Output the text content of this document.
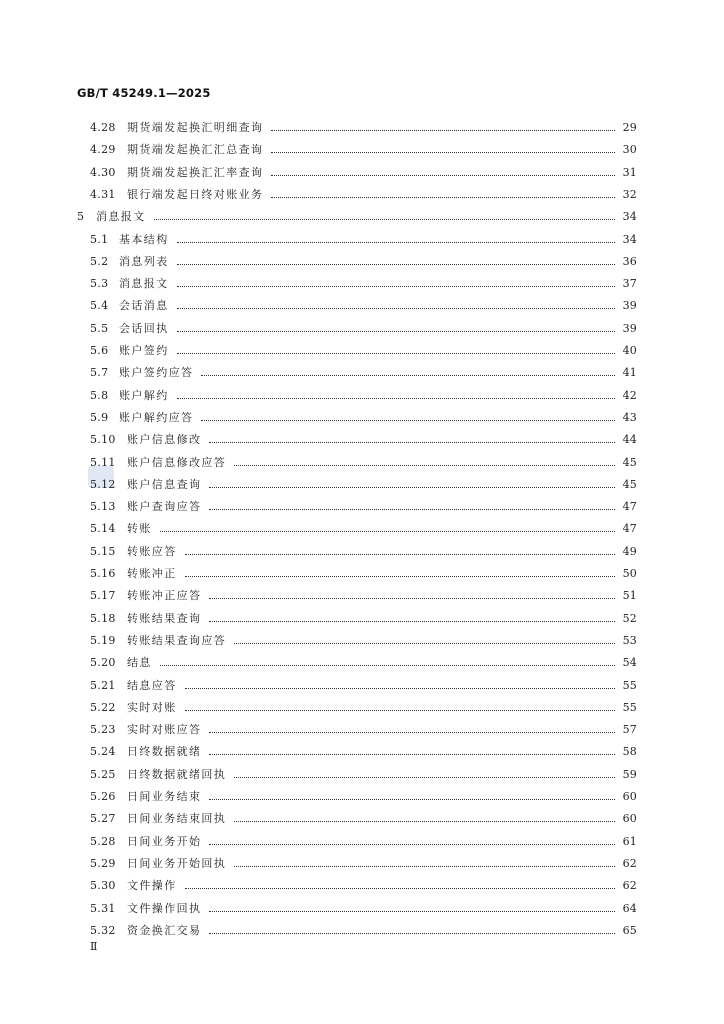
GB/T 45249.1—2025
4.28	期货端发起换汇明细查询	29
4.29	期货端发起换汇汇总查询	30
4.30	期货端发起换汇汇率查询	31
4.31	银行端发起日终对账业务	32
5	消息报文	34
5.1 基本结构	34
5.2 消息列表	36
5.3 消息报文	37
5.4 会话消息	39
5.5 会话回执	39
5.6 账户签约	40
5.7 账户签约应答	41
5.8 账户解约	42
5.9 账户解约应答	43
5.10	账户信息修改	44
5.11	账户信息修改应答	45
5.12	账户信息查询	45
5.13	账户查询应答	47
5.14	转账	47
5.15	转账应答	49
5.16	转账冲正	50
5.17	转账冲正应答	51
5.18	转账结果查询	52
5.19	转账结果查询应答	53
5.20	结息	54
5.21	结息应答	55
5.22	实时对账	55
5.23	实时对账应答	57
5.24	日终数据就绪	58
5.25	日终数据就绪回执	59
5.26	日间业务结束	60
5.27	日间业务结束回执	60
5.28	日间业务开始	61
5.29	日间业务开始回执	62
5.30	文件操作	62
5.31	文件操作回执	64
5.32	资金换汇交易	65
Ⅱ
